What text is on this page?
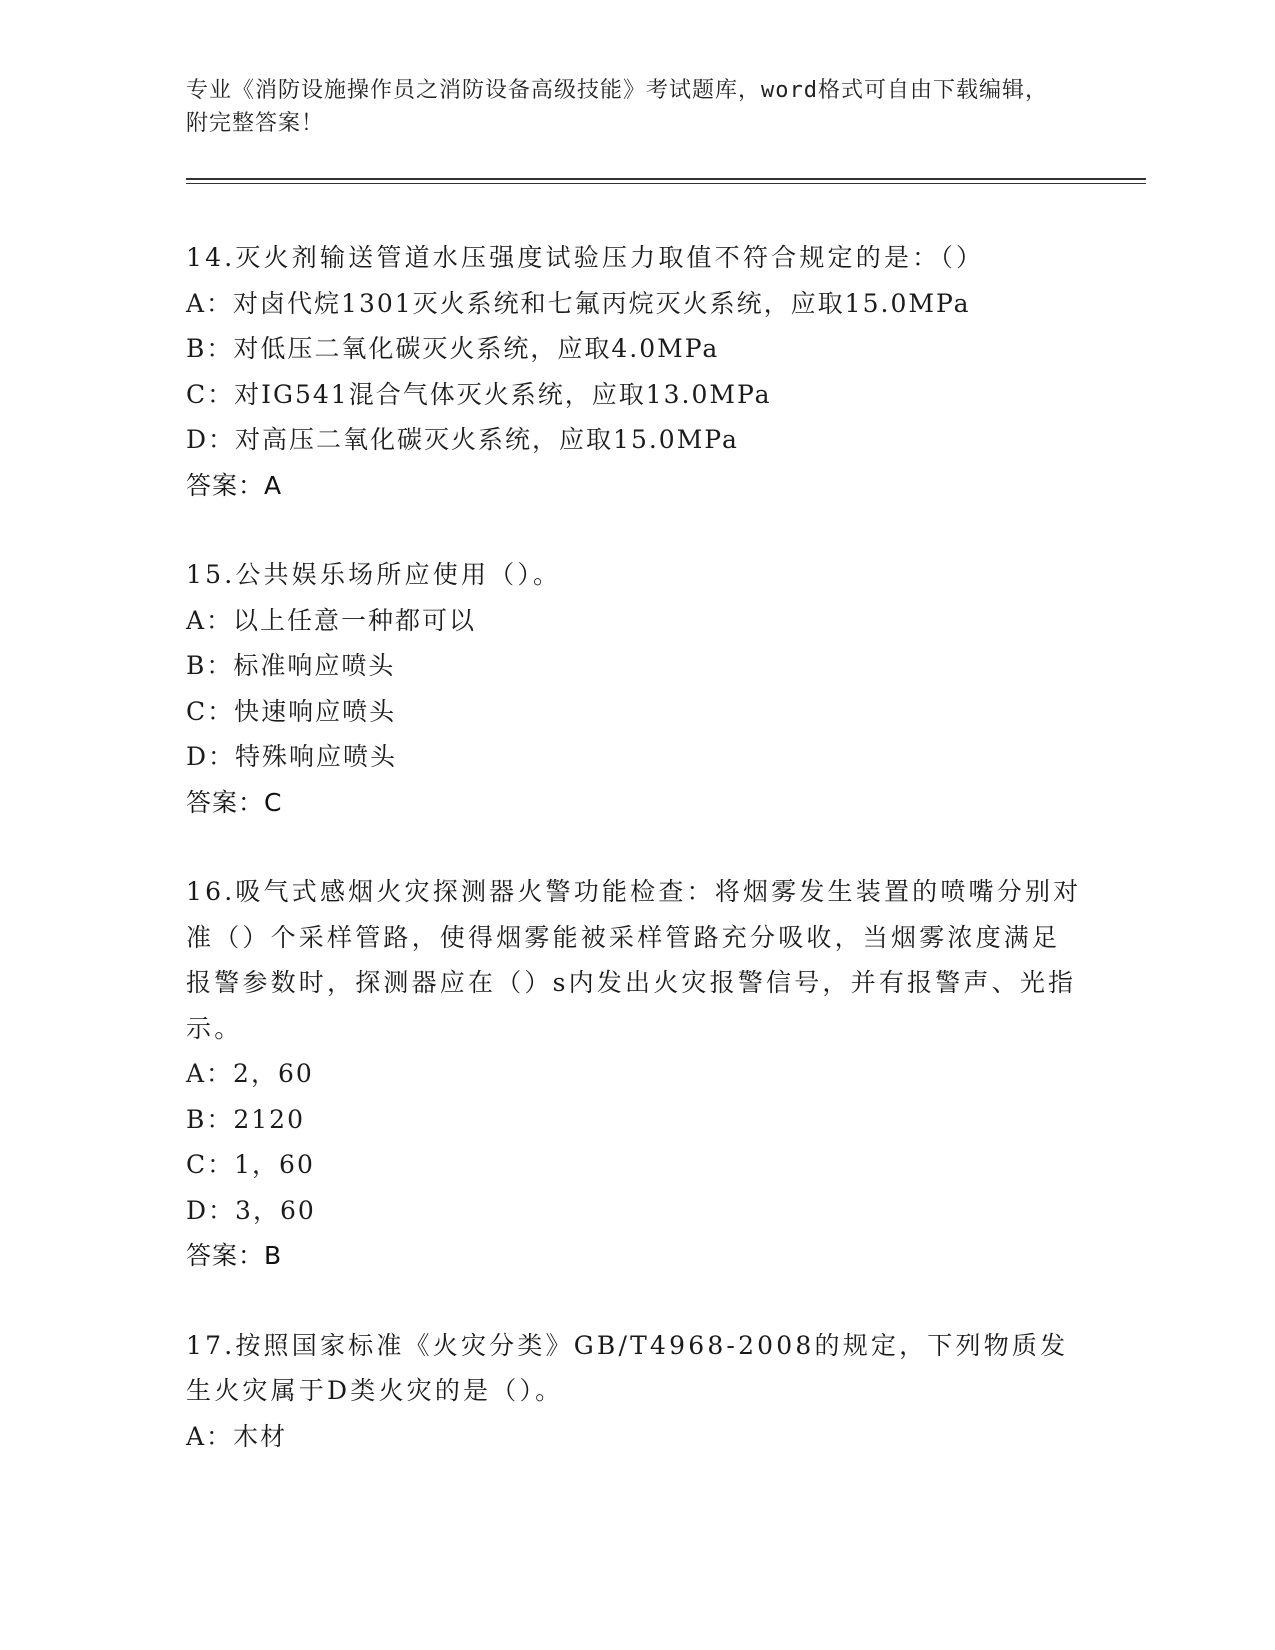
专业《消防设施操作员之消防设备高级技能》考试题库，word格式可自由下载编辑，附完整答案！

14.灭火剂输送管道水压强度试验压力取值不符合规定的是：（）

A：对卤代烷1301灭火系统和七氟丙烷灭火系统，应取15.0MPa

B：对低压二氧化碳灭火系统，应取4.0MPa

C：对IG541混合气体灭火系统，应取13.0MPa

D：对高压二氧化碳灭火系统，应取15.0MPa

答案：A

15.公共娱乐场所应使用（）。

A：以上任意一种都可以

B：标准响应喷头

C：快速响应喷头

D：特殊响应喷头

答案：C

16.吸气式感烟火灾探测器火警功能检查：将烟雾发生装置的喷嘴分别对准（）个采样管路，使得烟雾能被采样管路充分吸收，当烟雾浓度满足报警参数时，探测器应在（）s内发出火灾报警信号，并有报警声、光指示。

A：2，60

B：2120

C：1，60

D：3，60

答案：B

17.按照国家标准《火灾分类》GB/T4968-2008的规定，下列物质发生火灾属于D类火灾的是（）。

A：木材
